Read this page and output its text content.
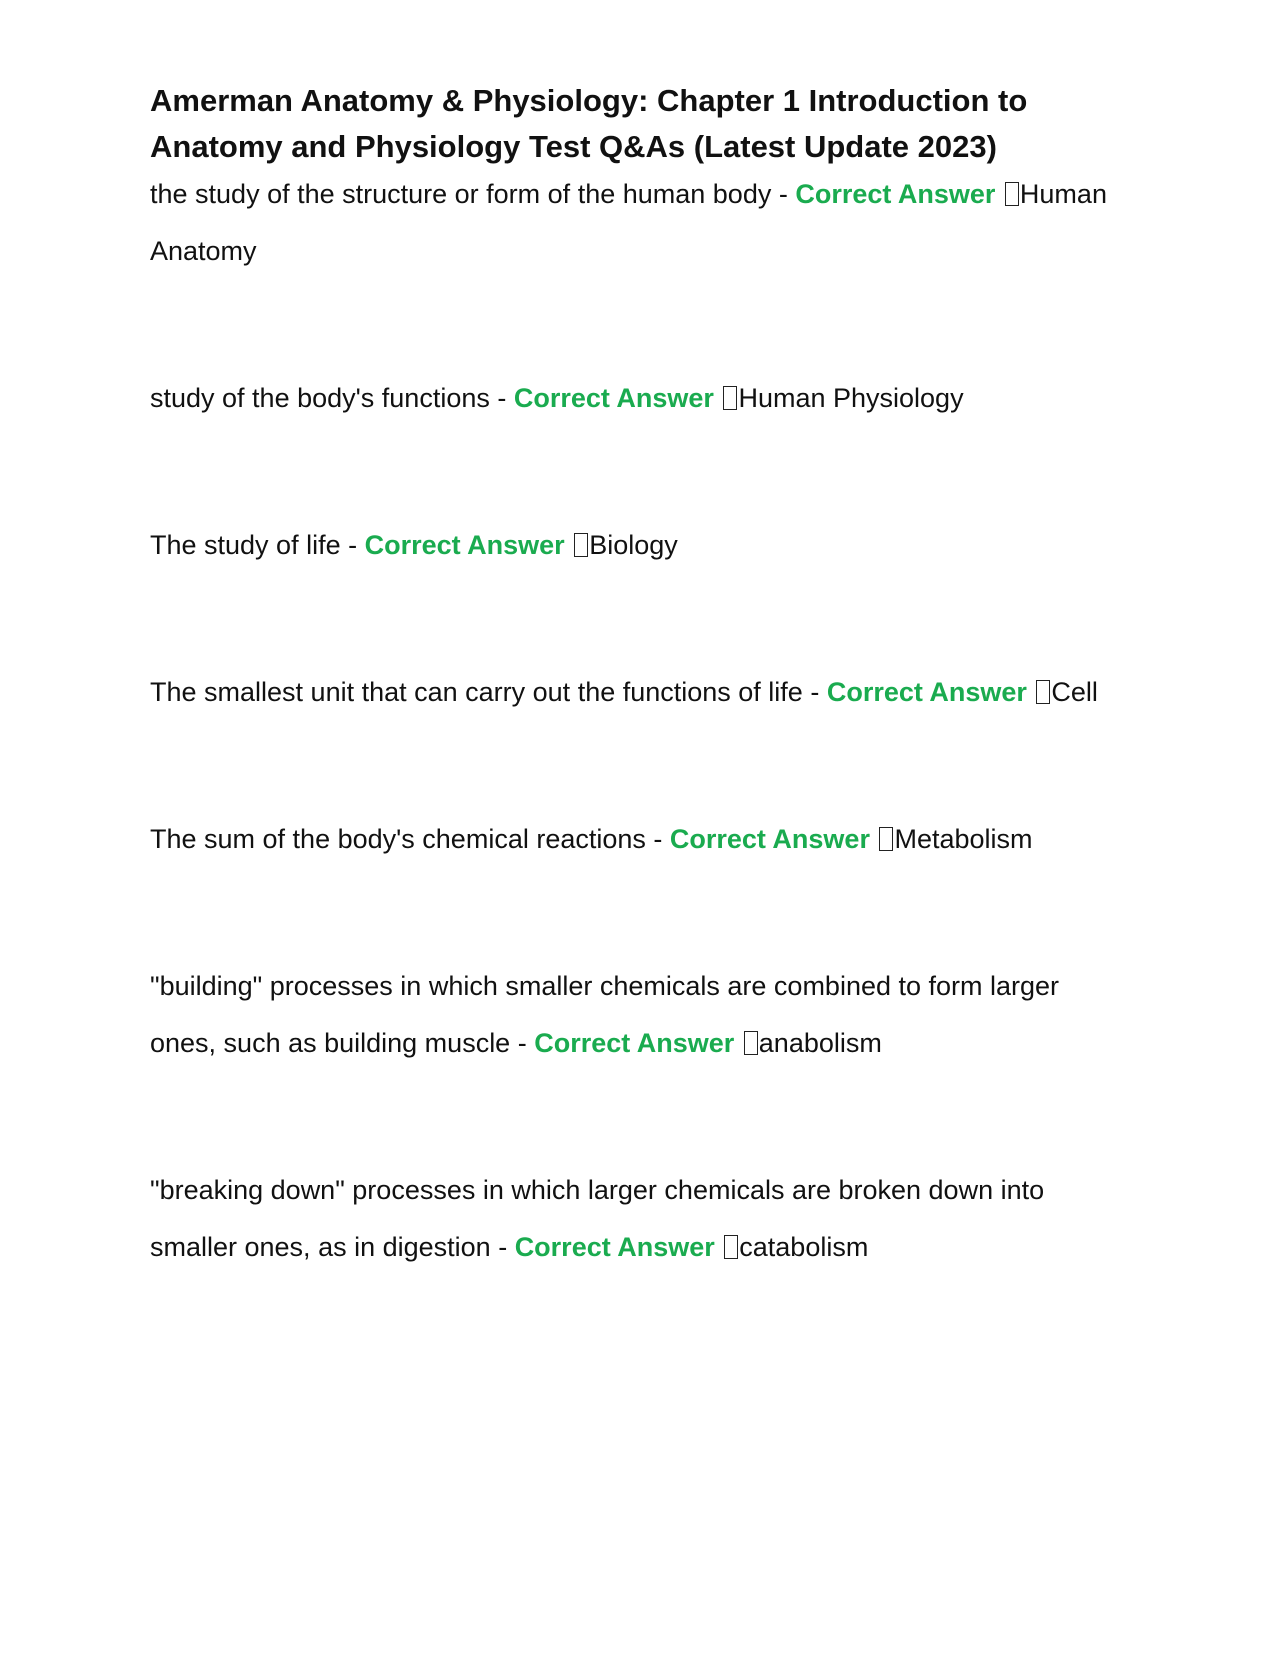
Amerman Anatomy & Physiology: Chapter 1 Introduction to Anatomy and Physiology Test Q&As (Latest Update 2023)

the study of the structure or form of the human body - Correct Answer Human Anatomy

study of the body's functions - Correct Answer Human Physiology

The study of life - Correct Answer Biology

The smallest unit that can carry out the functions of life - Correct Answer Cell

The sum of the body's chemical reactions - Correct Answer Metabolism

"building" processes in which smaller chemicals are combined to form larger ones, such as building muscle - Correct Answer anabolism

"breaking down" processes in which larger chemicals are broken down into smaller ones, as in digestion - Correct Answer catabolism
